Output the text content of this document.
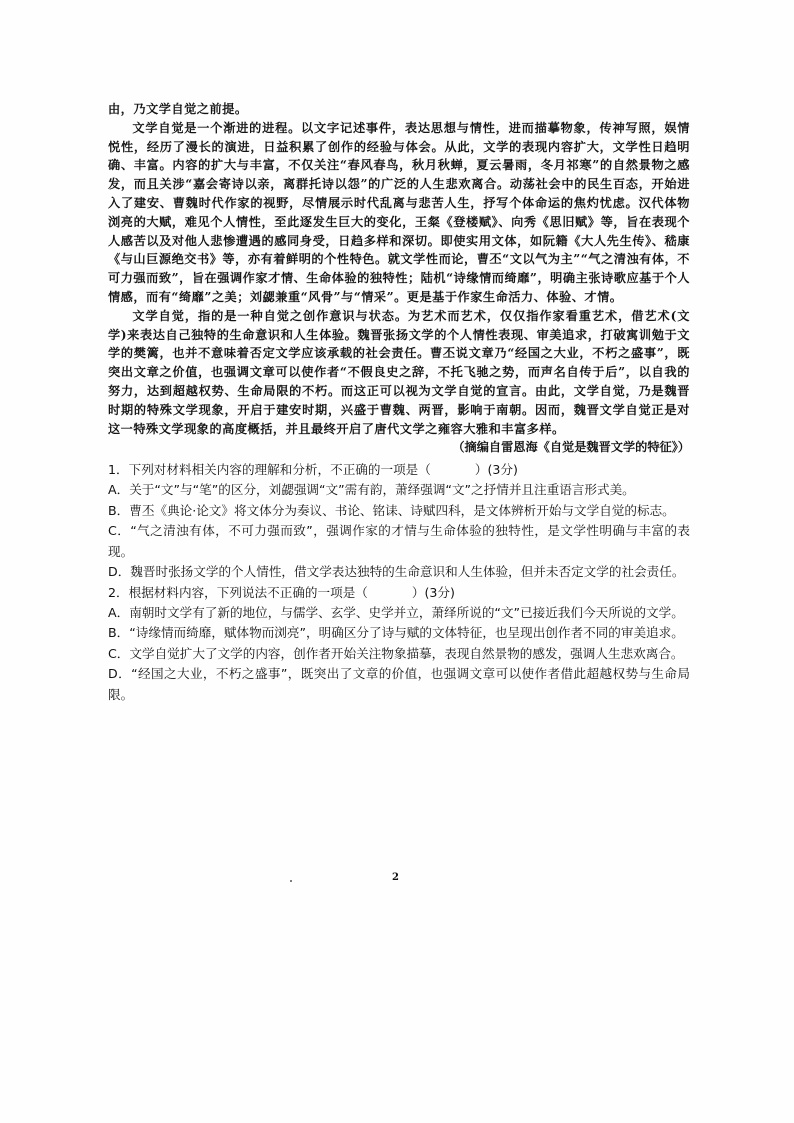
由，乃文学自觉之前提。

文学自觉是一个渐进的进程。以文字记述事件，表达思想与情性，进而描摹物象，传神写照，娱情悦性，经历了漫长的演进，日益积累了创作的经验与体会。从此，文学的表现内容扩大，文学性日趋明确、丰富。内容的扩大与丰富，不仅关注“春风春鸟，秋月秋蝉，夏云暑雨，冬月祁寒”的自然景物之感发，而且关涉“嘉会寄诗以亲，离群托诗以怨”的广泛的人生悲欢离合。动荡社会中的民生百态，开始进入了建安、曹魏时代作家的视野，尽情展示时代乱离与悲苦人生，抒写个体命运的焦灼忧虑。汉代体物浏亮的大赋，难见个人情性，至此逐发生巨大的变化，王粲《登楼赋》、向秀《思旧赋》等，旨在表现个人感苦以及对他人悲惨遭遇的感同身受，日趋多样和深切。即使实用文体，如阮籍《大人先生传》、嵇康《与山巨源绝交书》等，亦有着鲜明的个性特色。就文学性而论，曹丕“文以气为主”“气之清浊有体，不可力强而致”，旨在强调作家才情、生命体验的独特性；陆机“诗缘情而绮靡”，明确主张诗歌应基于个人情感，而有“绮靡”之美；刘勰兼重“风骨”与“情采”。更是基于作家生命活力、体验、才情。

文学自觉，指的是一种自觉之创作意识与状态。为艺术而艺术，仅仅指作家看重艺术，借艺术(文学)来表达自己独特的生命意识和人生体验。魏晋张扬文学的个人情性表现、审美追求，打破寓训勉于文学的樊篱，也并不意味着否定文学应该承载的社会责任。曹丕说文章乃“经国之大业，不朽之盛事”，既突出文章之价值，也强调文章可以使作者“不假良史之辞，不托飞驰之势，而声名自传于后”，以自我的努力，达到超越权势、生命局限的不朽。而这正可以视为文学自觉的宣言。由此，文学自觉，乃是魏晋时期的特殊文学现象，开启于建安时期，兴盛于曹魏、两晋，影响于南朝。因而，魏晋文学自觉正是对这一特殊文学现象的高度概括，并且最终开启了唐代文学之雍容大雅和丰富多样。

（摘编自雷恩海《自觉是魏晋文学的特征》）

1．下列对材料相关内容的理解和分析，不正确的一项是（	）(3分)

A．关于“文”与“笔”的区分，刘勰强调“文”需有韵，萧绎强调“文”之抒情并且注重语言形式美。

B．曹丕《典论·论文》将文体分为奏议、书论、铭诔、诗赋四科，是文体辨析开始与文学自觉的标志。

C．“气之清浊有体，不可力强而致”，强调作家的才情与生命体验的独特性，是文学性明确与丰富的表现。

D．魏晋时张扬文学的个人情性，借文学表达独特的生命意识和人生体验，但并未否定文学的社会责任。

2．根据材料内容，下列说法不正确的一项是（	）(3分)

A．南朝时文学有了新的地位，与儒学、玄学、史学并立，萧绎所说的“文”已接近我们今天所说的文学。

B．“诗缘情而绮靡，赋体物而浏亮”，明确区分了诗与赋的文体特征，也呈现出创作者不同的审美追求。

C．文学自觉扩大了文学的内容，创作者开始关注物象描摹，表现自然景物的感发，强调人生悲欢离合。

D．“经国之大业，不朽之盛事”，既突出了文章的价值，也强调文章可以使作者借此超越权势与生命局限。

2
